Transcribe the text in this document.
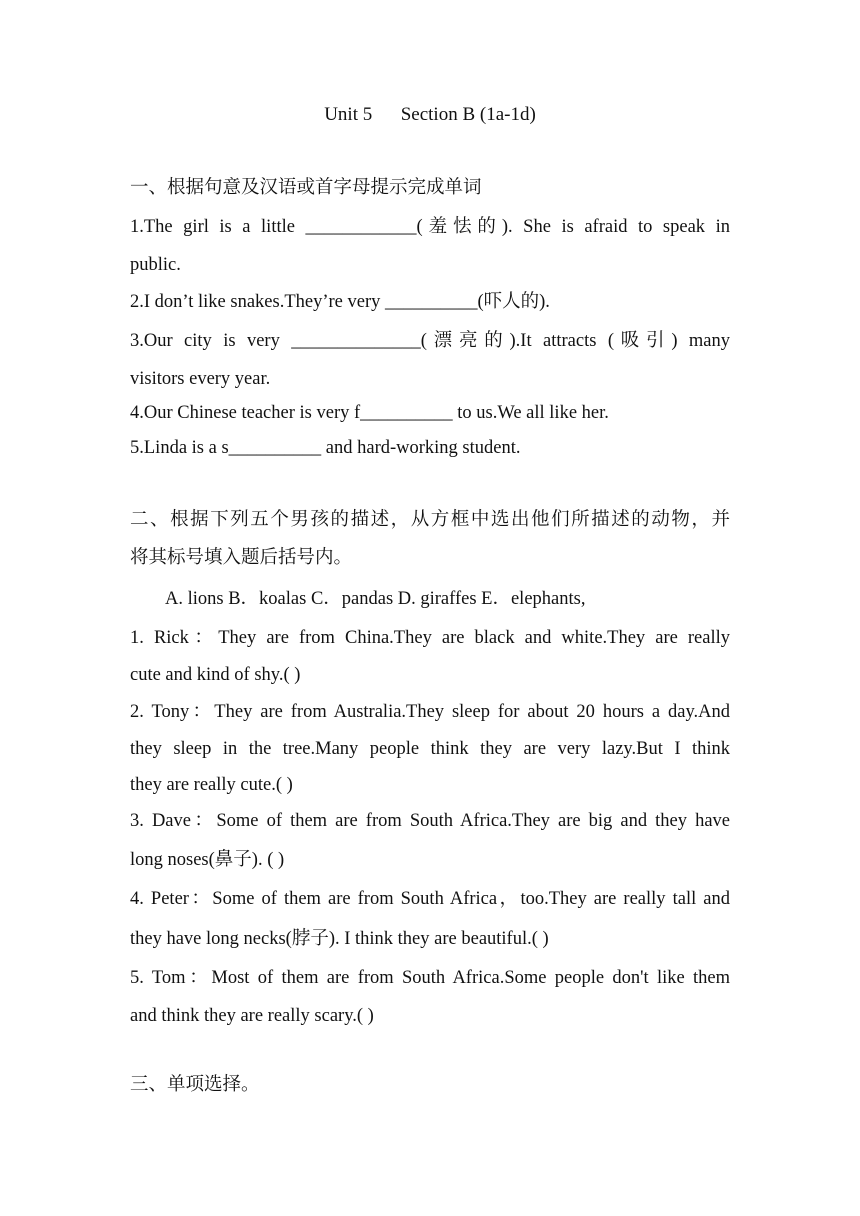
Unit 5      Section B (1a-1d)
一、根据句意及汉语或首字母提示完成单词
1.The girl is a little ____________(羞怯的). She is afraid to speak in
public.
2.I don’t like snakes.They’re very __________(吓人的).
3.Our city is very ______________(漂亮的).It attracts (吸引) many
visitors every year.
4.Our Chinese teacher is very f__________ to us.We all like her.
5.Linda is a s__________ and hard-working student.
二、根据下列五个男孩的描述，从方框中选出他们所描述的动物，并
将其标号填入题后括号内。
A. lions B．koalas C．pandas D. giraffes E．elephants,
1. Rick：They are from China.They are black and white.They are really
cute and kind of shy.( )
2. Tony：They are from Australia.They sleep for about 20 hours a day.And
they sleep in the tree.Many people think they are very lazy.But I think
they are really cute.( )
3. Dave：Some of them are from South Africa.They are big and they have
long noses(鼻子). ( )
4. Peter：Some of them are from South Africa，too.They are really tall and
they have long necks(脖子). I think they are beautiful.( )
5. Tom：Most of them are from South Africa.Some people don't like them
and think they are really scary.( )
三、单项选择。
